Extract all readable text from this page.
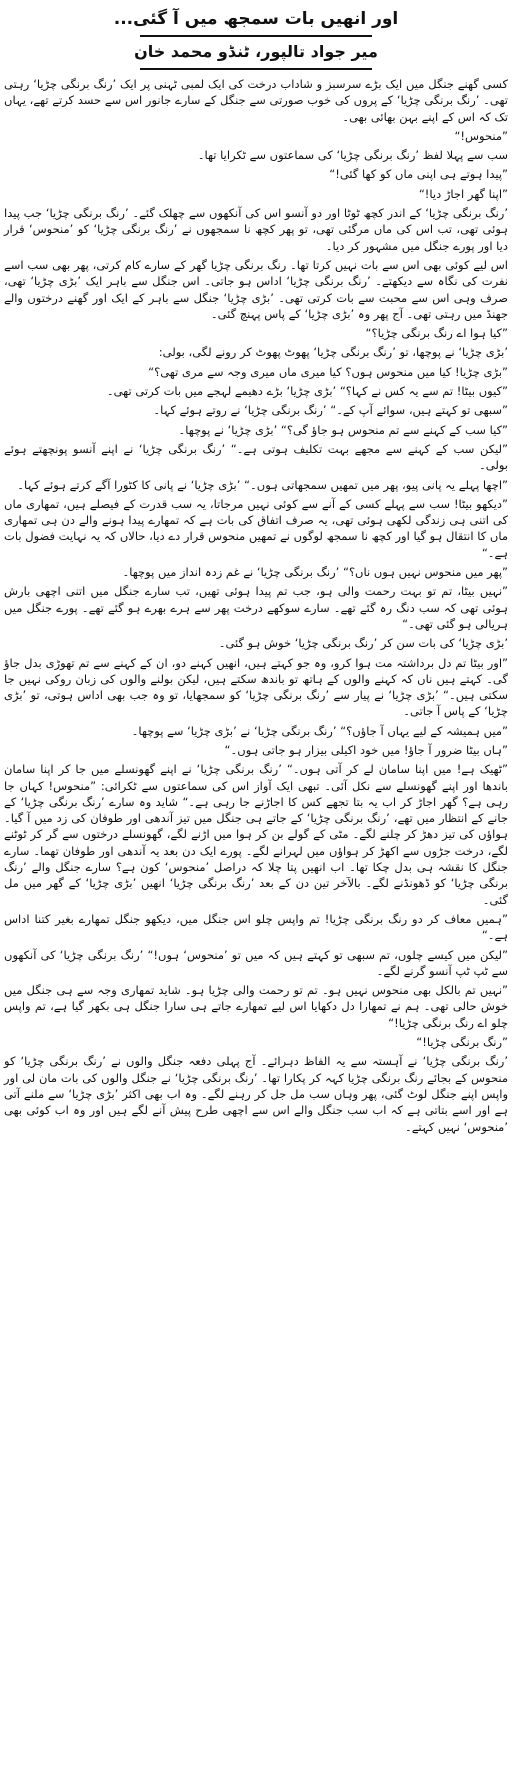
اور انھیں بات سمجھ میں آ گئی...
میر جواد تالپور، ٹنڈو محمد خان

کسی گھنے جنگل میں ایک بڑے سرسبز و شاداب درخت کی ایک لمبی ٹہنی پر ایک ’رنگ برنگی چڑیا‘ رہتی تھی۔ ’رنگ برنگی چڑیا‘ کے پروں کی خوب صورتی سے جنگل کے سارے جانور اس سے حسد کرتے تھے، یہاں تک کہ اس کے اپنے بہن بھائی بھی۔

”منحوس!“

سب سے پہلا لفظ ’رنگ برنگی چڑیا‘ کی سماعتوں سے ٹکرایا تھا۔

”پیدا ہوتے ہی اپنی ماں کو کھا گئی!“

”اپنا گھر اجاڑ دیا!“

’رنگ برنگی چڑیا‘ کے اندر کچھ ٹوٹا اور دو آنسو اس کی آنکھوں سے چھلک گئے۔ ’رنگ برنگی چڑیا‘ جب پیدا ہوئی تھی، تب اس کی ماں مرگئی تھی، تو پھر کچھ نا سمجھوں نے ’رنگ برنگی چڑیا‘ کو ’منحوس‘ قرار دیا اور پورے جنگل میں مشہور کر دیا۔

اس لیے کوئی بھی اس سے بات نہیں کرتا تھا۔ رنگ برنگی چڑیا گھر کے سارے کام کرتی، پھر بھی سب اسے نفرت کی نگاہ سے دیکھتے۔ ’رنگ برنگی چڑیا‘ اداس ہو جاتی۔ اس جنگل سے باہر ایک ’بڑی چڑیا‘ تھی، صرف وہی اس سے محبت سے بات کرتی تھی۔ ’بڑی چڑیا‘ جنگل سے باہر کے ایک اور گھنے درختوں والے جھنڈ میں رہتی تھی۔ آج پھر وہ ’بڑی چڑیا‘ کے پاس پہنچ گئی۔

”کیا ہوا اے رنگ برنگی چڑیا؟“

’بڑی چڑیا‘ نے پوچھا، تو ’رنگ برنگی چڑیا‘ پھوٹ پھوٹ کر رونے لگی، بولی:

”بڑی چڑیا! کیا میں منحوس ہوں؟ کیا میری ماں میری وجہ سے مری تھی؟“

”کیوں بیٹا! تم سے یہ کس نے کہا؟“ ’بڑی چڑیا‘ بڑے دھیمے لہجے میں بات کرتی تھی۔

”سبھی تو کہتے ہیں، سوائے آپ کے۔“ ’رنگ برنگی چڑیا‘ نے روتے ہوئے کہا۔

”کیا سب کے کہنے سے تم منحوس ہو جاؤ گی؟“ ’بڑی چڑیا‘ نے پوچھا۔

”لیکن سب کے کہنے سے مجھے بہت تکلیف ہوتی ہے۔“ ’رنگ برنگی چڑیا‘ نے اپنے آنسو پونچھتے ہوئے بولی۔

”اچھا پہلے یہ پانی پیو، پھر میں تمھیں سمجھاتی ہوں۔“ ’بڑی چڑیا‘ نے پانی کا کٹورا آگے کرتے ہوئے کہا۔

”دیکھو بیٹا! سب سے پہلے کسی کے آنے سے کوئی نہیں مرجاتا، یہ سب قدرت کے فیصلے ہیں، تمھاری ماں کی اتنی ہی زندگی لکھی ہوئی تھی، یہ صرف اتفاق کی بات ہے کہ تمھارے پیدا ہونے والے دن ہی تمھاری ماں کا انتقال ہو گیا اور کچھ نا سمجھ لوگوں نے تمھیں منحوس قرار دے دیا، حالاں کہ یہ نہایت فضول بات ہے۔“

”پھر میں منحوس نہیں ہوں ناں؟“ ’رنگ برنگی چڑیا‘ نے غم زدہ انداز میں پوچھا۔

”نہیں بیٹا، تم تو بہت رحمت والی ہو، جب تم پیدا ہوئی تھیں، تب سارے جنگل میں اتنی اچھی بارش ہوئی تھی کہ سب دنگ رہ گئے تھے۔ سارے سوکھے درخت پھر سے ہرے بھرے ہو گئے تھے۔ پورے جنگل میں ہریالی ہو گئی تھی۔“

’بڑی چڑیا‘ کی بات سن کر ’رنگ برنگی چڑیا‘ خوش ہو گئی۔

”اور بیٹا تم دل برداشتہ مت ہوا کرو، وہ جو کہتے ہیں، انھیں کہنے دو، ان کے کہنے سے تم تھوڑی بدل جاؤ گی۔ کہتے ہیں ناں کہ کہنے والوں کے ہاتھ تو باندھ سکتے ہیں، لیکن بولنے والوں کی زبان روکی نہیں جا سکتی ہیں۔“ ’بڑی چڑیا‘ نے پیار سے ’رنگ برنگی چڑیا‘ کو سمجھایا، تو وہ جب بھی اداس ہوتی، تو ’بڑی چڑیا‘ کے پاس آ جاتی۔

”میں ہمیشہ کے لیے یہاں آ جاؤں؟“ ’رنگ برنگی چڑیا‘ نے ’بڑی چڑیا‘ سے پوچھا۔

”ہاں بیٹا ضرور آ جاؤ! میں خود اکیلی بیزار ہو جاتی ہوں۔“

”ٹھیک ہے! میں اپنا سامان لے کر آتی ہوں۔“ ’رنگ برنگی چڑیا‘ نے اپنے گھونسلے میں جا کر اپنا سامان باندھا اور اپنے گھونسلے سے نکل آئی۔ تبھی ایک آواز اس کی سماعتوں سے ٹکرائی: ”منحوس! کہاں جا رہی ہے؟ گھر اجاڑ کر اب یہ بتا تجھے کس کا اجاڑنے جا رہی ہے۔“ شاید وہ سارے ’رنگ برنگی چڑیا‘ کے جانے کے انتظار میں تھے، ’رنگ برنگی چڑیا‘ کے جاتے ہی جنگل میں تیز آندھی اور طوفان کی زد میں آ گیا۔ ہواؤں کی تیز دھڑ کر چلنے لگے۔ مٹی کے گولے بن کر ہوا میں اڑنے لگے، گھونسلے درختوں سے گر کر ٹوٹنے لگے، درخت جڑوں سے اکھڑ کر ہواؤں میں لہرانے لگے۔ پورے ایک دن بعد یہ آندھی اور طوفان تھما۔ سارے جنگل کا نقشہ ہی بدل چکا تھا۔ اب انھیں پتا چلا کہ دراصل ’منحوس‘ کون ہے؟ سارے جنگل والے ’رنگ برنگی چڑیا‘ کو ڈھونڈنے لگے۔ بالآخر تین دن کے بعد ’رنگ برنگی چڑیا‘ انھیں ’بڑی چڑیا‘ کے گھر میں مل گئی۔

”ہمیں معاف کر دو رنگ برنگی چڑیا! تم واپس چلو اس جنگل میں، دیکھو جنگل تمھارے بغیر کتنا اداس ہے۔“

”لیکن میں کیسے چلوں، تم سبھی تو کہتے ہیں کہ میں تو ’منحوس‘ ہوں!“ ’رنگ برنگی چڑیا‘ کی آنکھوں سے ٹپ ٹپ آنسو گرنے لگے۔

”نہیں تم بالکل بھی منحوس نہیں ہو۔ تم تو رحمت والی چڑیا ہو۔ شاید تمھاری وجہ سے ہی جنگل میں خوش حالی تھی۔ ہم نے تمھارا دل دکھایا اس لیے تمھارے جاتے ہی سارا جنگل ہی بکھر گیا ہے، تم واپس چلو اے رنگ برنگی چڑیا!“

”رنگ برنگی چڑیا!“

’رنگ برنگی چڑیا‘ نے آہستہ سے یہ الفاظ دہرائے۔ آج پہلی دفعہ جنگل والوں نے ’رنگ برنگی چڑیا‘ کو منحوس کے بجائے رنگ برنگی چڑیا کہہ کر پکارا تھا۔ ’رنگ برنگی چڑیا‘ نے جنگل والوں کی بات مان لی اور واپس اپنے جنگل لوٹ گئی، پھر وہاں سب مل جل کر رہنے لگے۔ وہ اب بھی اکثر ’بڑی چڑیا‘ سے ملنے آتی ہے اور اسے بتاتی ہے کہ اب سب جنگل والے اس سے اچھی طرح پیش آنے لگے ہیں اور وہ اب کوئی بھی ’منحوس‘ نہیں کہتے۔
